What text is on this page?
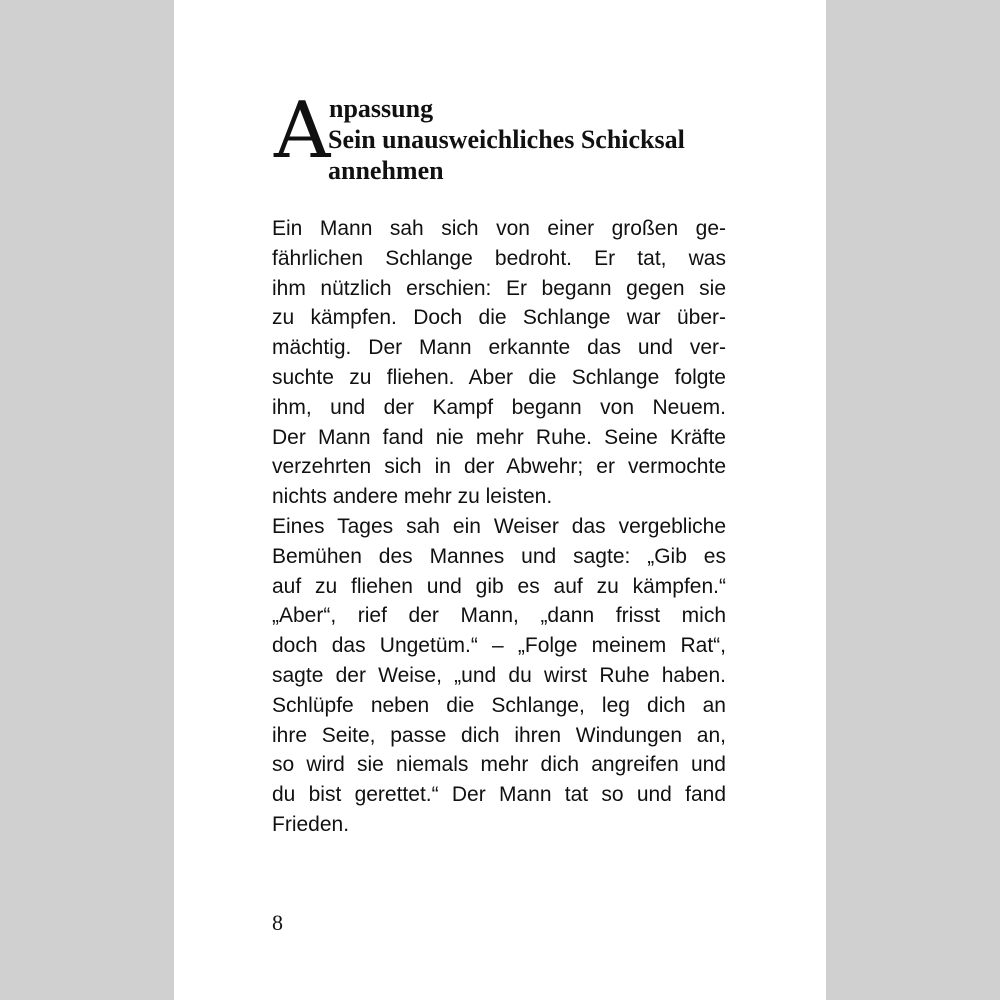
A
npassung
Sein unausweichliches Schicksal
annehmen

Ein Mann sah sich von einer großen ge-
fährlichen Schlange bedroht. Er tat, was
ihm nützlich erschien: Er begann gegen sie
zu kämpfen. Doch die Schlange war über-
mächtig. Der Mann erkannte das und ver-
suchte zu fliehen. Aber die Schlange folgte
ihm, und der Kampf begann von Neuem.
Der Mann fand nie mehr Ruhe. Seine Kräfte
verzehrten sich in der Abwehr; er vermochte
nichts andere mehr zu leisten.

Eines Tages sah ein Weiser das vergebliche
Bemühen des Mannes und sagte: „Gib es
auf zu fliehen und gib es auf zu kämpfen.“
„Aber“, rief der Mann, „dann frisst mich
doch das Ungetüm.“ – „Folge meinem Rat“,
sagte der Weise, „und du wirst Ruhe haben.
Schlüpfe neben die Schlange, leg dich an
ihre Seite, passe dich ihren Windungen an,
so wird sie niemals mehr dich angreifen und
du bist gerettet.“ Der Mann tat so und fand
Frieden.

8
